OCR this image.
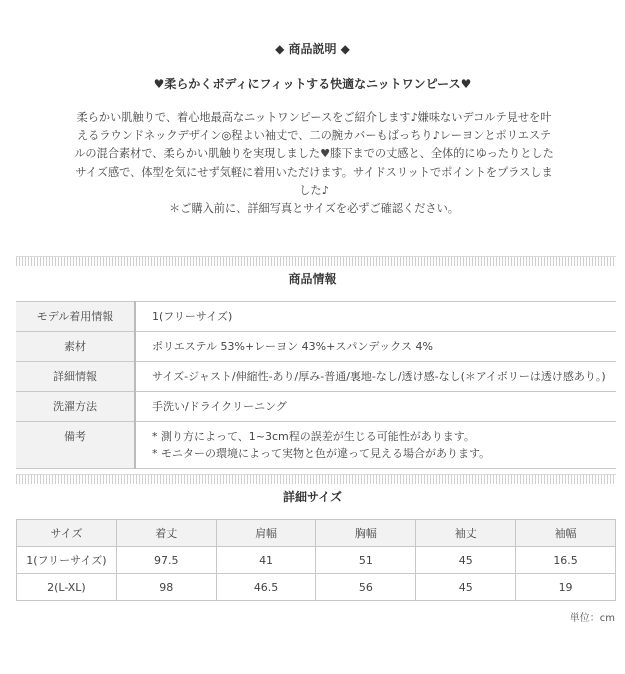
◆ 商品説明 ◆
♥柔らかくボディにフィットする快適なニットワンピース♥

柔らかい肌触りで、着心地最高なニットワンピースをご紹介します♪嫌味ないデコルテ見せを叶

えるラウンドネックデザイン◎程よい袖丈で、二の腕カバーもばっちり♪レーヨンとポリエステ

ルの混合素材で、柔らかい肌触りを実現しました♥膝下までの丈感と、全体的にゆったりとした

サイズ感で、体型を気にせず気軽に着用いただけます。サイドスリットでポイントをプラスしま

した♪

＊ご購入前に、詳細写真とサイズを必ずご確認ください。

商品情報
モデル着用情報	1(フリーサイズ)
素材	ポリエステル 53%+レーヨン 43%+スパンデックス 4%
詳細情報	サイズ-ジャスト/伸縮性-あり/厚み-普通/裏地-なし/透け感-なし(＊アイボリーは透け感あり。)
洗濯方法	手洗い/ドライクリーニング
備考	* 測り方によって、1~3cm程の誤差が生じる可能性があります。
* モニターの環境によって実物と色が違って見える場合があります。
詳細サイズ
サイズ	着丈	肩幅	胸幅	袖丈	袖幅
1(フリーサイズ)	97.5	41	51	45	16.5
2(L-XL)	98	46.5	56	45	19
単位：cm
